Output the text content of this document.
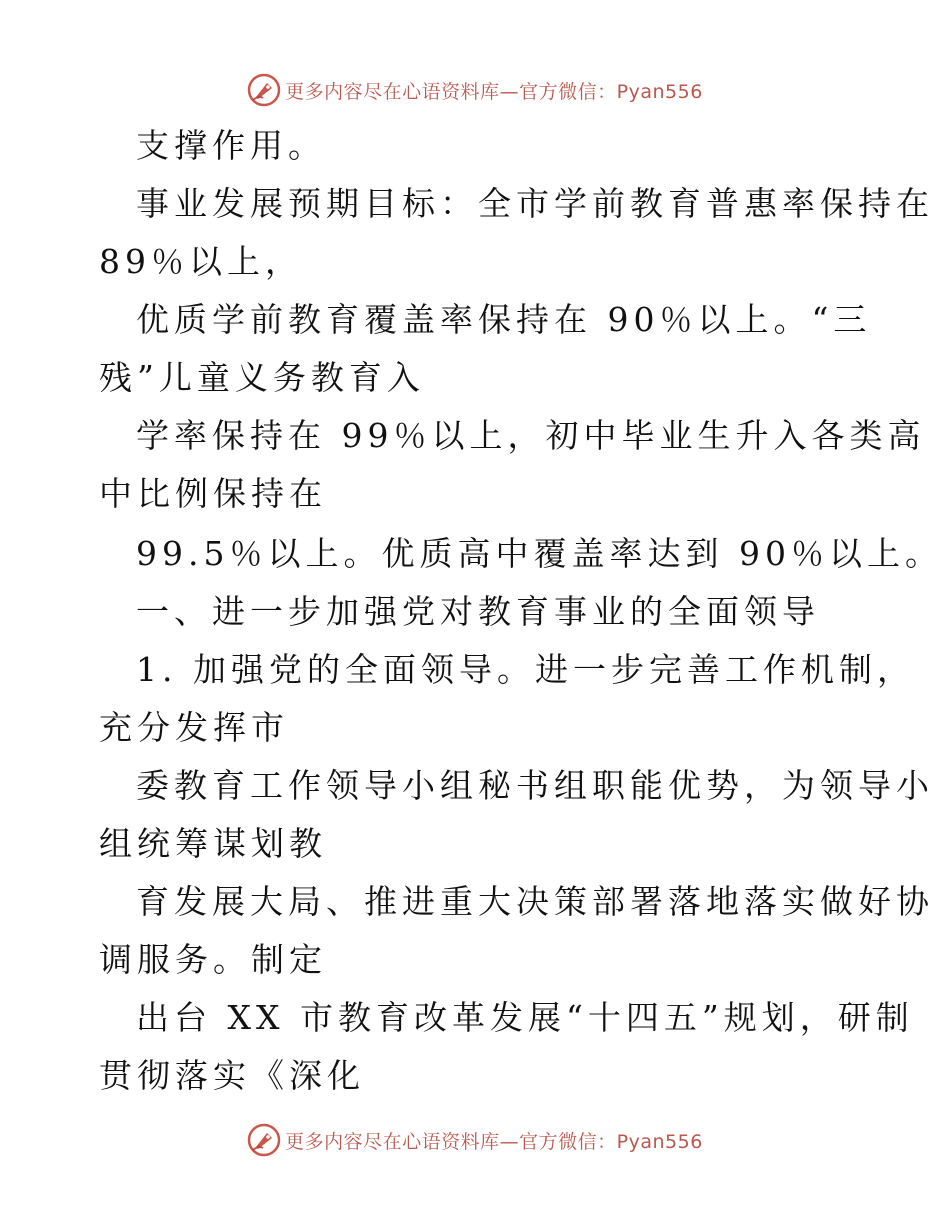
更多内容尽在心语资料库—官方微信：Pyan556
支撑作用。
事业发展预期目标：全市学前教育普惠率保持在
89％以上，
优质学前教育覆盖率保持在 90％以上。“三
残”儿童义务教育入
学率保持在 99％以上，初中毕业生升入各类高
中比例保持在
99.5％以上。优质高中覆盖率达到 90％以上。
一、进一步加强党对教育事业的全面领导
1. 加强党的全面领导。进一步完善工作机制，
充分发挥市
委教育工作领导小组秘书组职能优势，为领导小
组统筹谋划教
育发展大局、推进重大决策部署落地落实做好协
调服务。制定
出台 XX 市教育改革发展“十四五”规划，研制
贯彻落实《深化
更多内容尽在心语资料库—官方微信：Pyan556
